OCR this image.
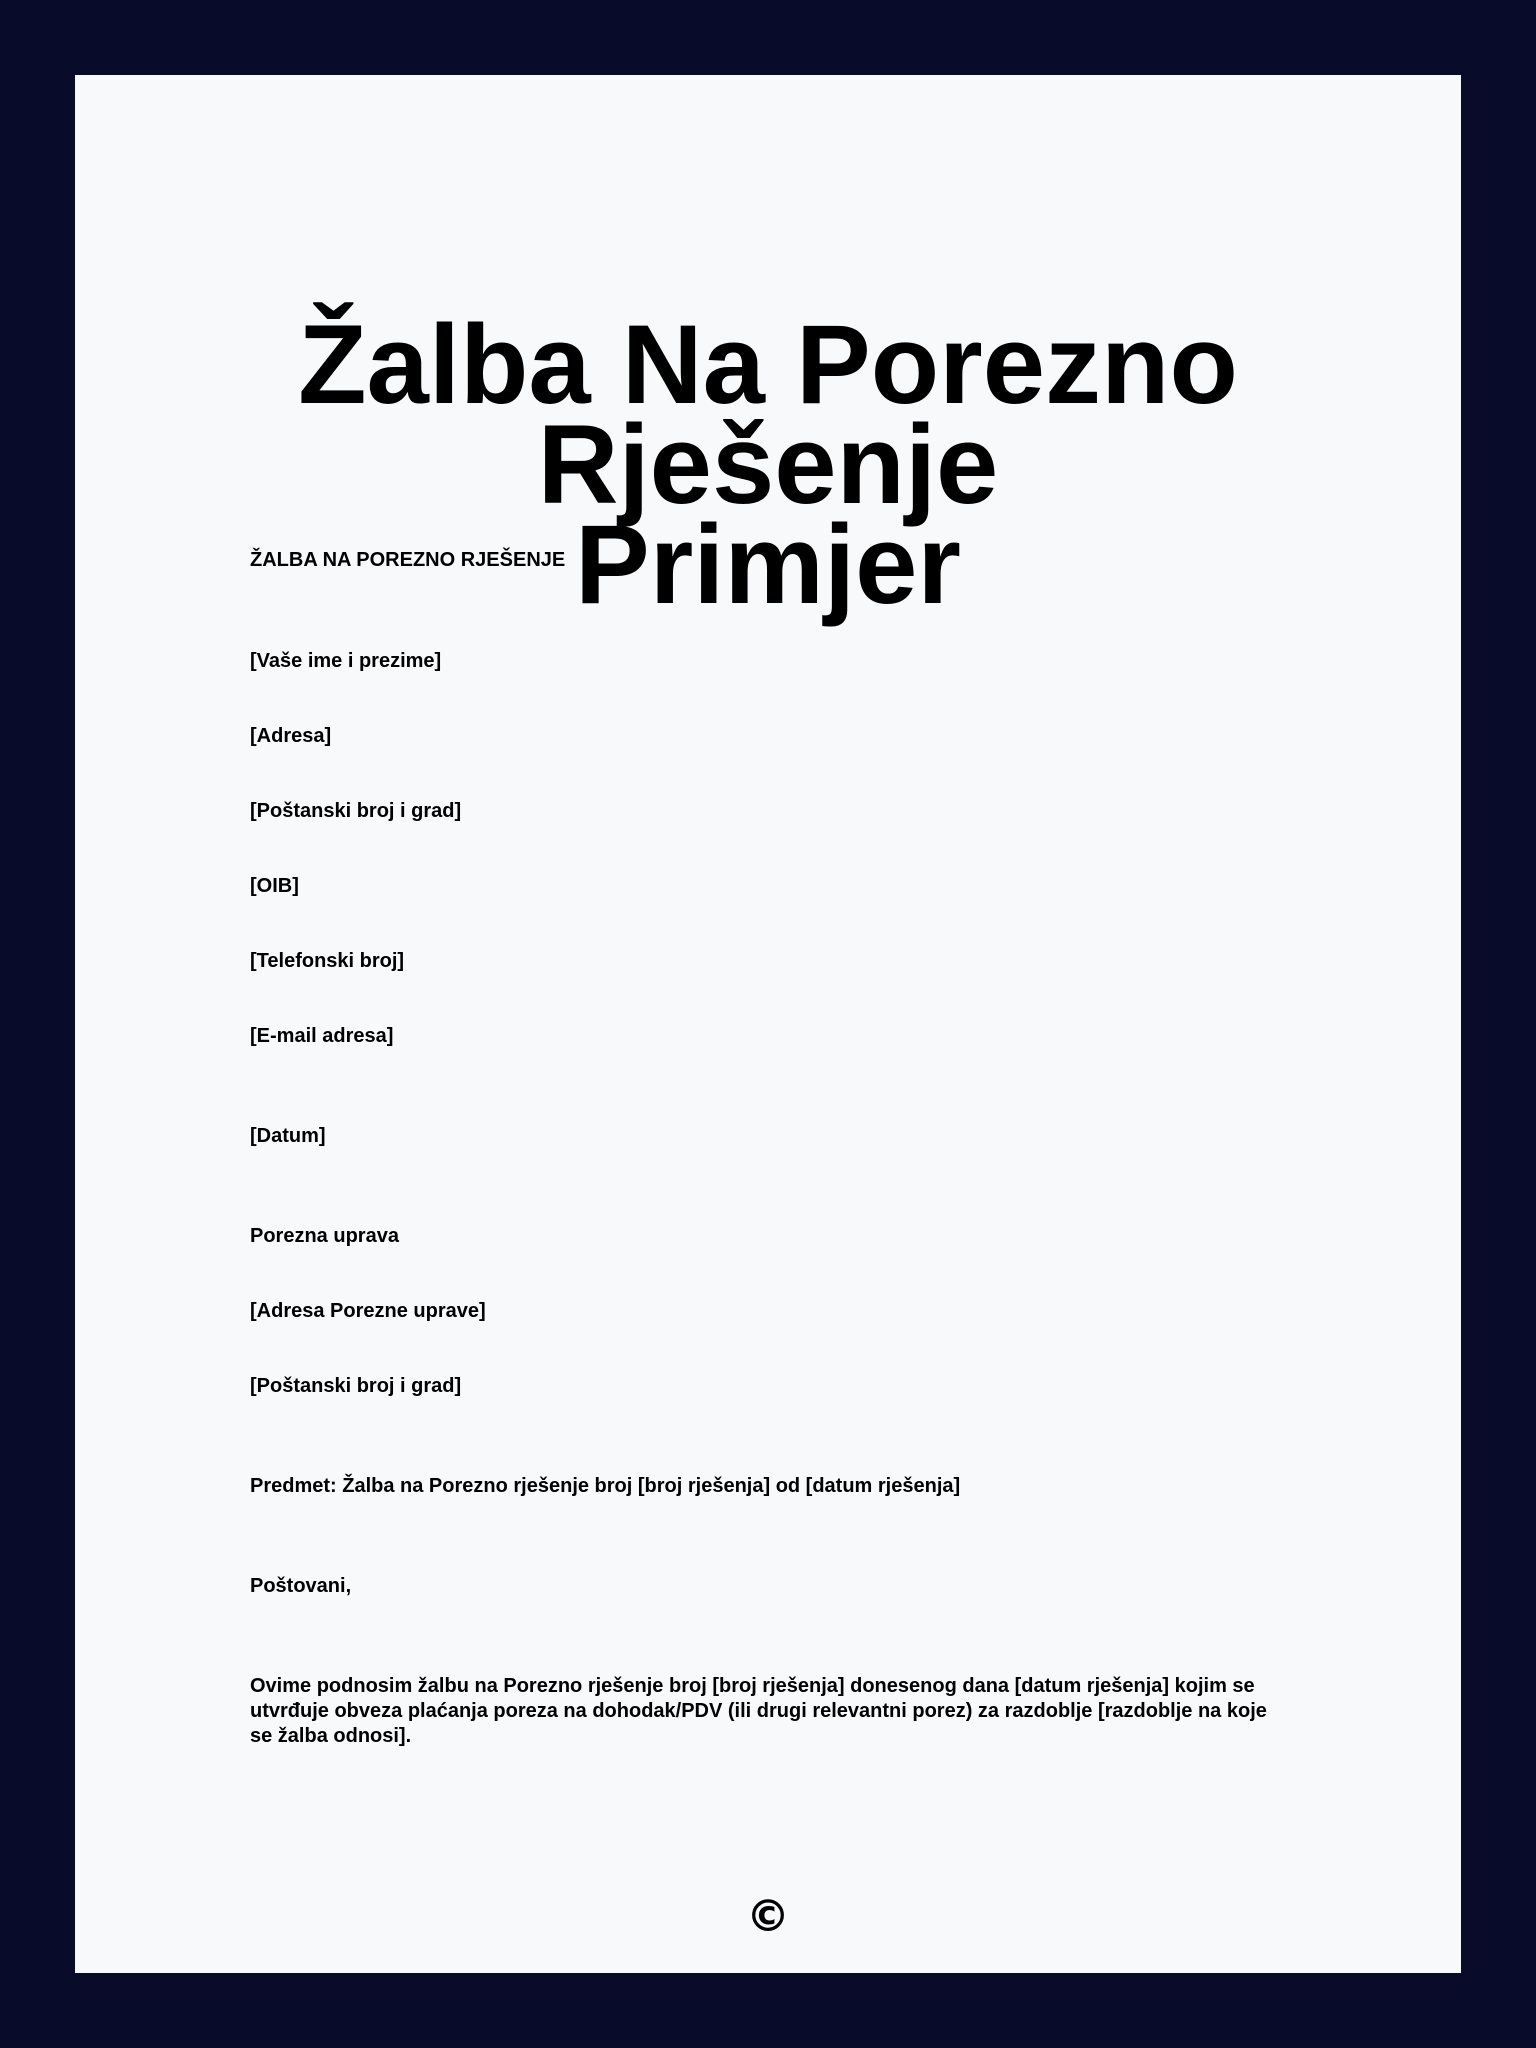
Žalba Na Porezno Rješenje
Primjer

ŽALBA NA POREZNO RJEŠENJE

[Vaše ime i prezime]

[Adresa]

[Poštanski broj i grad]

[OIB]

[Telefonski broj]

[E-mail adresa]

[Datum]

Porezna uprava

[Adresa Porezne uprave]

[Poštanski broj i grad]

Predmet: Žalba na Porezno rješenje broj [broj rješenja] od [datum rješenja]

Poštovani,

Ovime podnosim žalbu na Porezno rješenje broj [broj rješenja] donesenog dana [datum rješenja] kojim se utvrđuje obveza plaćanja poreza na dohodak/PDV (ili drugi relevantni porez) za razdoblje [razdoblje na koje se žalba odnosi].

©
